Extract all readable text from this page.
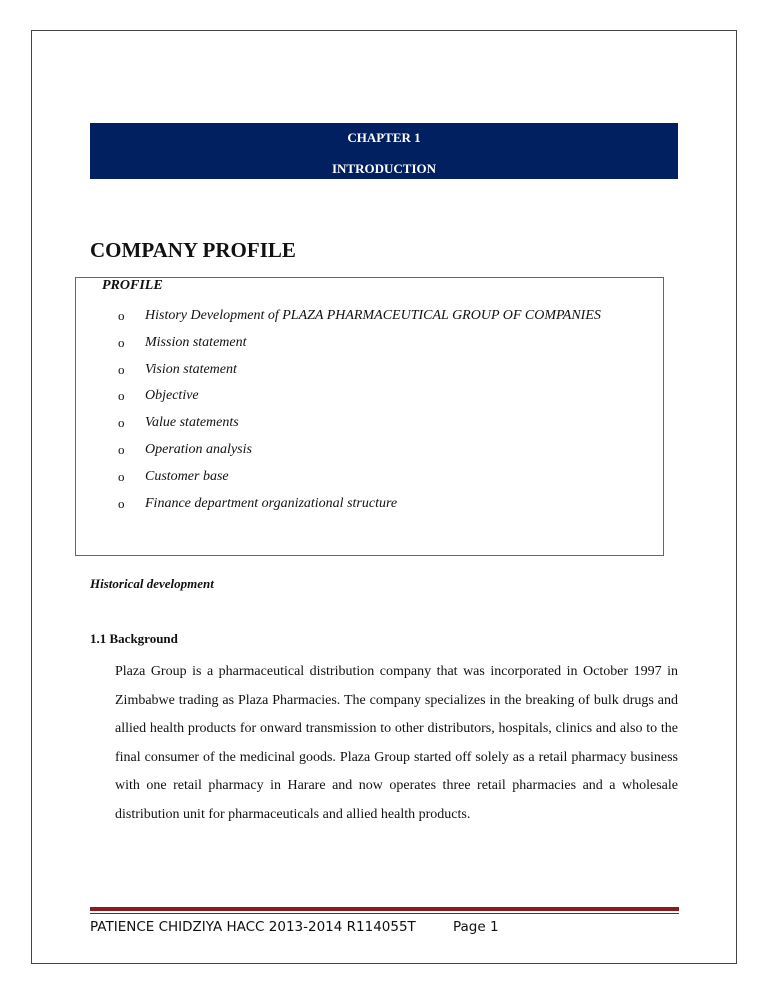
CHAPTER 1
INTRODUCTION
COMPANY PROFILE
PROFILE
o	History Development of PLAZA PHARMACEUTICAL GROUP OF COMPANIES
o	Mission statement
o	Vision statement
o	Objective
o	Value statements
o	Operation analysis
o	Customer base
o	Finance department organizational structure
Historical development
1.1 Background

Plaza Group is a pharmaceutical distribution company that was incorporated in October 1997 in Zimbabwe trading as Plaza Pharmacies. The company specializes in the breaking of bulk drugs and allied health products for onward transmission to other distributors, hospitals, clinics and also to the final consumer of the medicinal goods. Plaza Group started off solely as a retail pharmacy business with one retail pharmacy in Harare and now operates three retail pharmacies and a wholesale distribution unit for pharmaceuticals and allied health products.

PATIENCE CHIDZIYA HACC 2013-2014 R114055T	Page 1
